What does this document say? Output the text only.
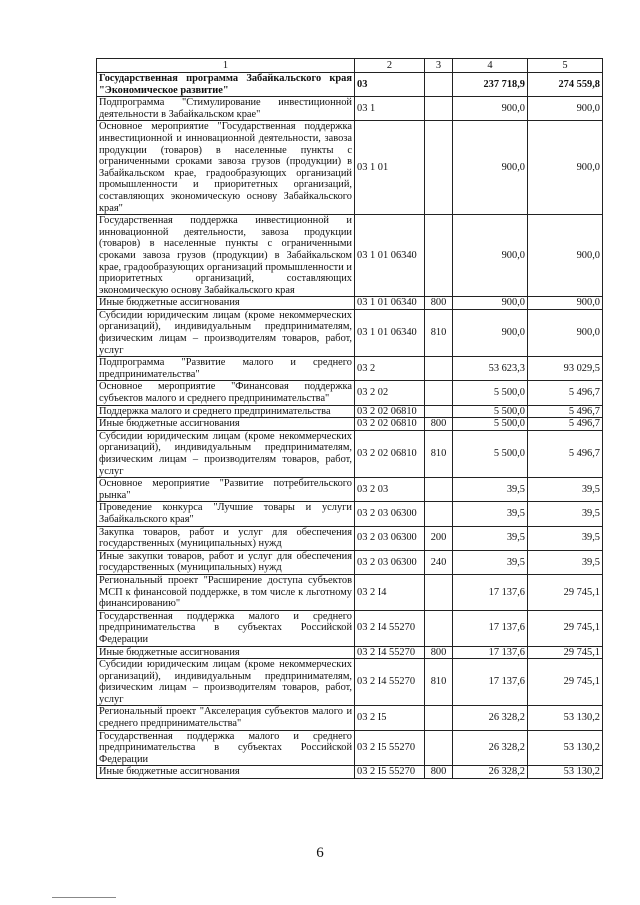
1	2	3	4	5
Государственная программа Забайкальского края "Экономическое развитие"	03		237 718,9	274 559,8
Подпрограмма "Стимулирование инвестиционной деятельности в Забайкальском крае"	03 1		900,0	900,0
Основное мероприятие "Государственная поддержка инвестиционной и инновационной деятельности, завоза продукции (товаров) в населенные пункты с ограниченными сроками завоза грузов (продукции) в Забайкальском крае, градообразующих организаций промышленности и приоритетных организаций, составляющих экономическую основу Забайкальского края"	03 1 01		900,0	900,0
Государственная поддержка инвестиционной и инновационной деятельности, завоза продукции (товаров) в населенные пункты с ограниченными сроками завоза грузов (продукции) в Забайкальском крае, градообразующих организаций промышленности и приоритетных организаций, составляющих экономическую основу Забайкальского края	03 1 01 06340		900,0	900,0
Иные бюджетные ассигнования	03 1 01 06340	800	900,0	900,0
Субсидии юридическим лицам (кроме некоммерческих организаций), индивидуальным предпринимателям, физическим лицам – производителям товаров, работ, услуг	03 1 01 06340	810	900,0	900,0
Подпрограмма "Развитие малого и среднего предпринимательства"	03 2		53 623,3	93 029,5
Основное мероприятие "Финансовая поддержка субъектов малого и среднего предпринимательства"	03 2 02		5 500,0	5 496,7
Поддержка малого и среднего предпринимательства	03 2 02 06810		5 500,0	5 496,7
Иные бюджетные ассигнования	03 2 02 06810	800	5 500,0	5 496,7
Субсидии юридическим лицам (кроме некоммерческих организаций), индивидуальным предпринимателям, физическим лицам – производителям товаров, работ, услуг	03 2 02 06810	810	5 500,0	5 496,7
Основное мероприятие "Развитие потребительского рынка"	03 2 03		39,5	39,5
Проведение конкурса "Лучшие товары и услуги Забайкальского края"	03 2 03 06300		39,5	39,5
Закупка товаров, работ и услуг для обеспечения государственных (муниципальных) нужд	03 2 03 06300	200	39,5	39,5
Иные закупки товаров, работ и услуг для обеспечения государственных (муниципальных) нужд	03 2 03 06300	240	39,5	39,5
Региональный проект "Расширение доступа субъектов МСП к финансовой поддержке, в том числе к льготному финансированию"	03 2 I4		17 137,6	29 745,1
Государственная поддержка малого и среднего предпринимательства в субъектах Российской Федерации	03 2 I4 55270		17 137,6	29 745,1
Иные бюджетные ассигнования	03 2 I4 55270	800	17 137,6	29 745,1
Субсидии юридическим лицам (кроме некоммерческих организаций), индивидуальным предпринимателям, физическим лицам – производителям товаров, работ, услуг	03 2 I4 55270	810	17 137,6	29 745,1
Региональный проект "Акселерация субъектов малого и среднего предпринимательства"	03 2 I5		26 328,2	53 130,2
Государственная поддержка малого и среднего предпринимательства в субъектах Российской Федерации	03 2 I5 55270		26 328,2	53 130,2
Иные бюджетные ассигнования	03 2 I5 55270	800	26 328,2	53 130,2
6
